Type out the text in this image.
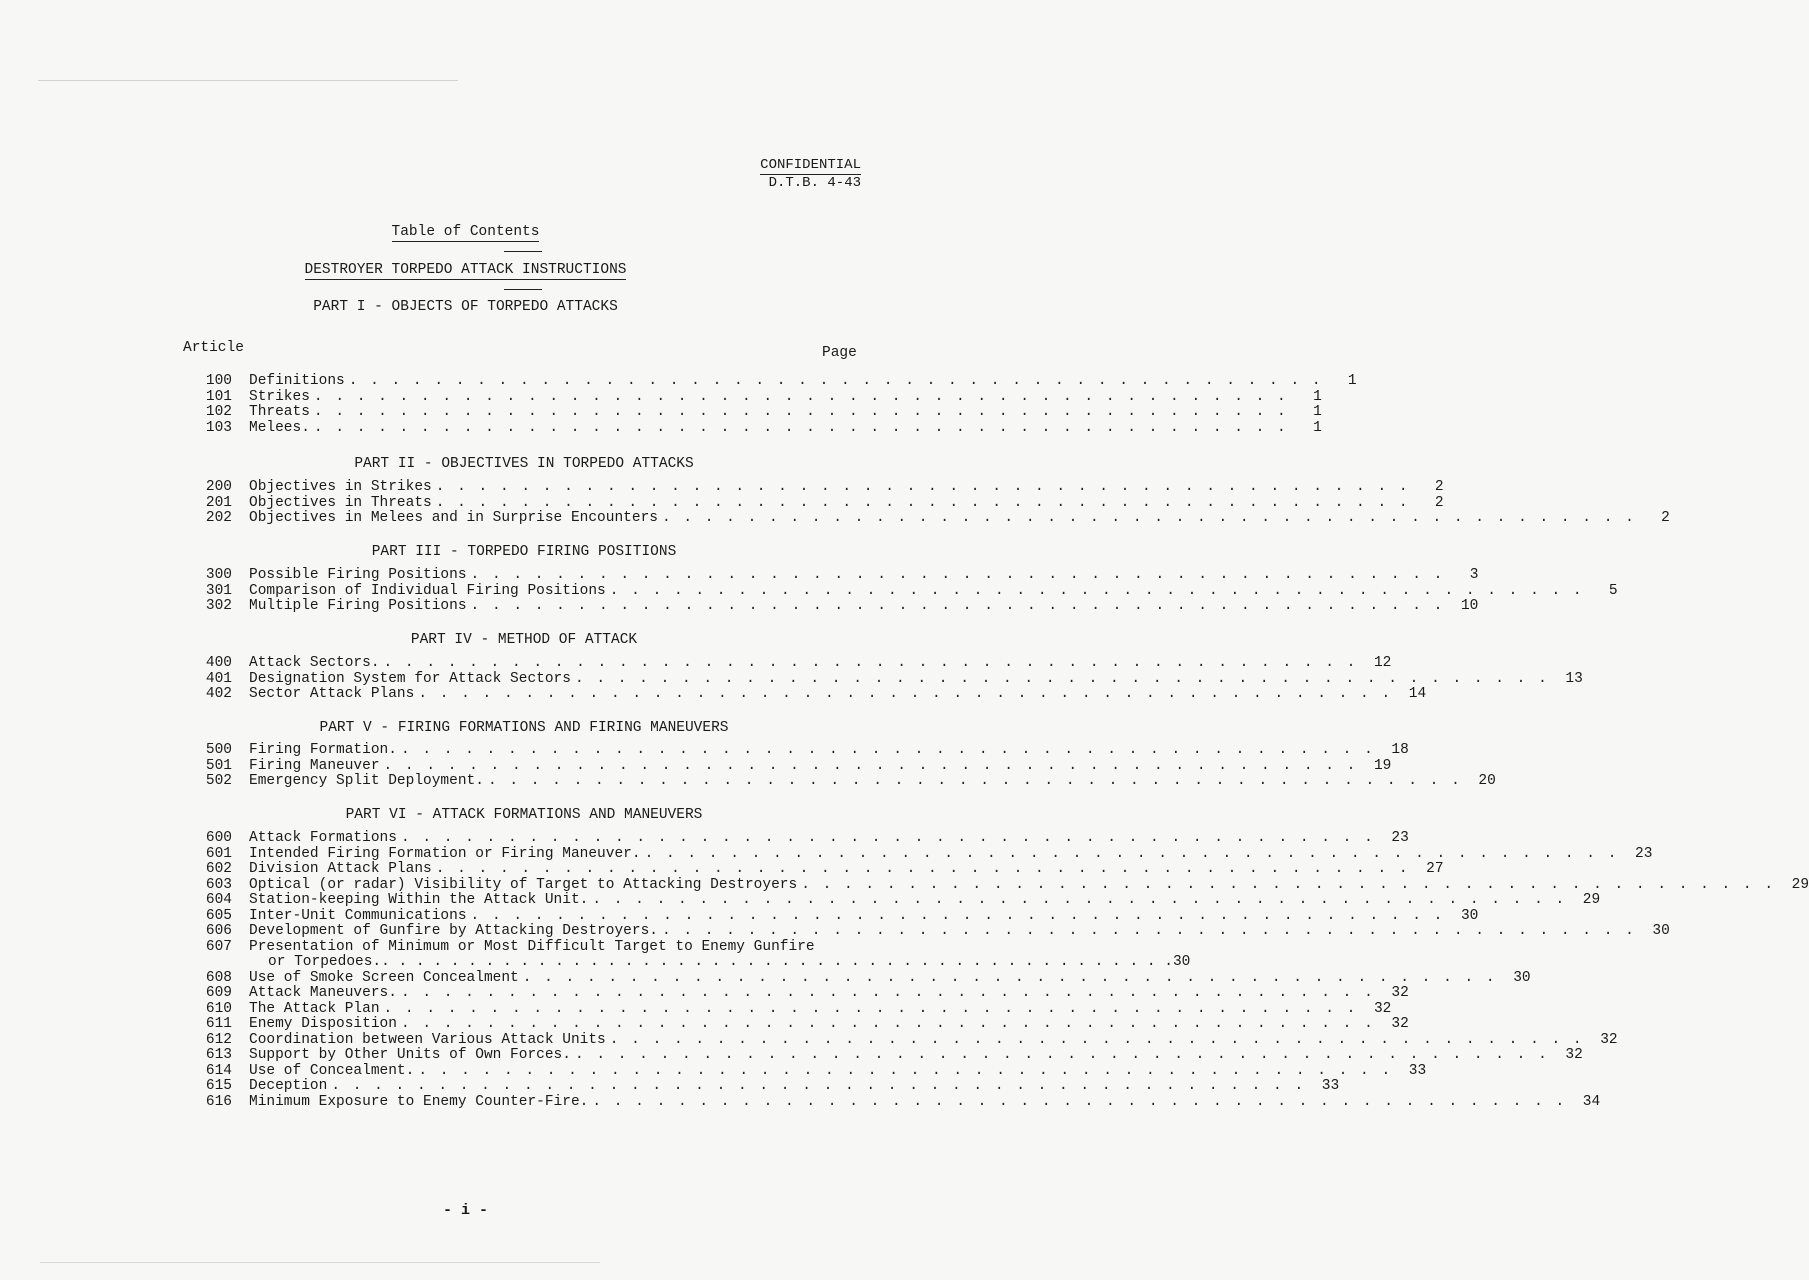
CONFIDENTIAL
D.T.B. 4-43
Table of Contents
DESTROYER TORPEDO ATTACK INSTRUCTIONS
PART I - OBJECTS OF TORPEDO ATTACKS
Article	Page
100 Definitions . . . . . . . . . . . . . . . . . . . . . . . . . . . . . . . . . . . . . . . . . . . . . .	1
101 Strikes . . . . . . . . . . . . . . . . . . . . . . . . . . . . . . . . . . . . . . . . . . . . . .	1
102 Threats . . . . . . . . . . . . . . . . . . . . . . . . . . . . . . . . . . . . . . . . . . . . . .	1
103 Melees. . . . . . . . . . . . . . . . . . . . . . . . . . . . . . . . . . . . . . . . . . . . . . .	1
PART II - OBJECTIVES IN TORPEDO ATTACKS
200 Objectives in Strikes . . . . . . . . . . . . . . . . . . . . . . . . . . . . . . . . . . . . . . . . . . . . . .	2
201 Objectives in Threats . . . . . . . . . . . . . . . . . . . . . . . . . . . . . . . . . . . . . . . . . . . . . .	2
202 Objectives in Melees and in Surprise Encounters . . . . . . . . . . . . . . . . . . . . . . . . . . . . . . . . . . . . . . . . . . . . . .	2
PART III - TORPEDO FIRING POSITIONS
300 Possible Firing Positions . . . . . . . . . . . . . . . . . . . . . . . . . . . . . . . . . . . . . . . . . . . . . .	3
301 Comparison of Individual Firing Positions . . . . . . . . . . . . . . . . . . . . . . . . . . . . . . . . . . . . . . . . . . . . . .	5
302 Multiple Firing Positions . . . . . . . . . . . . . . . . . . . . . . . . . . . . . . . . . . . . . . . . . . . . . .	10
PART IV - METHOD OF ATTACK
400 Attack Sectors. . . . . . . . . . . . . . . . . . . . . . . . . . . . . . . . . . . . . . . . . . . . . . .	12
401 Designation System for Attack Sectors . . . . . . . . . . . . . . . . . . . . . . . . . . . . . . . . . . . . . . . . . . . . . .	13
402 Sector Attack Plans . . . . . . . . . . . . . . . . . . . . . . . . . . . . . . . . . . . . . . . . . . . . . .	14
PART V - FIRING FORMATIONS AND FIRING MANEUVERS
500 Firing Formation. . . . . . . . . . . . . . . . . . . . . . . . . . . . . . . . . . . . . . . . . . . . . . .	18
501 Firing Maneuver . . . . . . . . . . . . . . . . . . . . . . . . . . . . . . . . . . . . . . . . . . . . . .	19
502 Emergency Split Deployment. . . . . . . . . . . . . . . . . . . . . . . . . . . . . . . . . . . . . . . . . . . . . . .	20
PART VI - ATTACK FORMATIONS AND MANEUVERS
600 Attack Formations . . . . . . . . . . . . . . . . . . . . . . . . . . . . . . . . . . . . . . . . . . . . . .	23
601 Intended Firing Formation or Firing Maneuver. . . . . . . . . . . . . . . . . . . . . . . . . . . . . . . . . . . . . . . . . . . . . . .	23
602 Division Attack Plans . . . . . . . . . . . . . . . . . . . . . . . . . . . . . . . . . . . . . . . . . . . . . .	27
603 Optical (or radar) Visibility of Target to Attacking Destroyers . . . . . . . . . . . . . . . . . . . . . . . . . . . . . . . . . . . . . . . . . . . . . .	29
604 Station-keeping Within the Attack Unit. . . . . . . . . . . . . . . . . . . . . . . . . . . . . . . . . . . . . . . . . . . . . . .	29
605 Inter-Unit Communications . . . . . . . . . . . . . . . . . . . . . . . . . . . . . . . . . . . . . . . . . . . . . .	30
606 Development of Gunfire by Attacking Destroyers. . . . . . . . . . . . . . . . . . . . . . . . . . . . . . . . . . . . . . . . . . . . . . .	30
607 Presentation of Minimum or Most Difficult Target to Enemy Gunfire
or Torpedoes. . . . . . . . . . . . . . . . . . . . . . . . . . . . . . . . . . . . . . . . . . . . . . . 30
608 Use of Smoke Screen Concealment . . . . . . . . . . . . . . . . . . . . . . . . . . . . . . . . . . . . . . . . . . . . . .	30
609 Attack Maneuvers. . . . . . . . . . . . . . . . . . . . . . . . . . . . . . . . . . . . . . . . . . . . . . .	32
610 The Attack Plan . . . . . . . . . . . . . . . . . . . . . . . . . . . . . . . . . . . . . . . . . . . . . .	32
611 Enemy Disposition . . . . . . . . . . . . . . . . . . . . . . . . . . . . . . . . . . . . . . . . . . . . . .	32
612 Coordination between Various Attack Units . . . . . . . . . . . . . . . . . . . . . . . . . . . . . . . . . . . . . . . . . . . . . .	32
613 Support by Other Units of Own Forces. . . . . . . . . . . . . . . . . . . . . . . . . . . . . . . . . . . . . . . . . . . . . . .	32
614 Use of Concealment. . . . . . . . . . . . . . . . . . . . . . . . . . . . . . . . . . . . . . . . . . . . . . .	33
615 Deception . . . . . . . . . . . . . . . . . . . . . . . . . . . . . . . . . . . . . . . . . . . . . .	33
616 Minimum Exposure to Enemy Counter-Fire. . . . . . . . . . . . . . . . . . . . . . . . . . . . . . . . . . . . . . . . . . . . . . .	34
- i -
